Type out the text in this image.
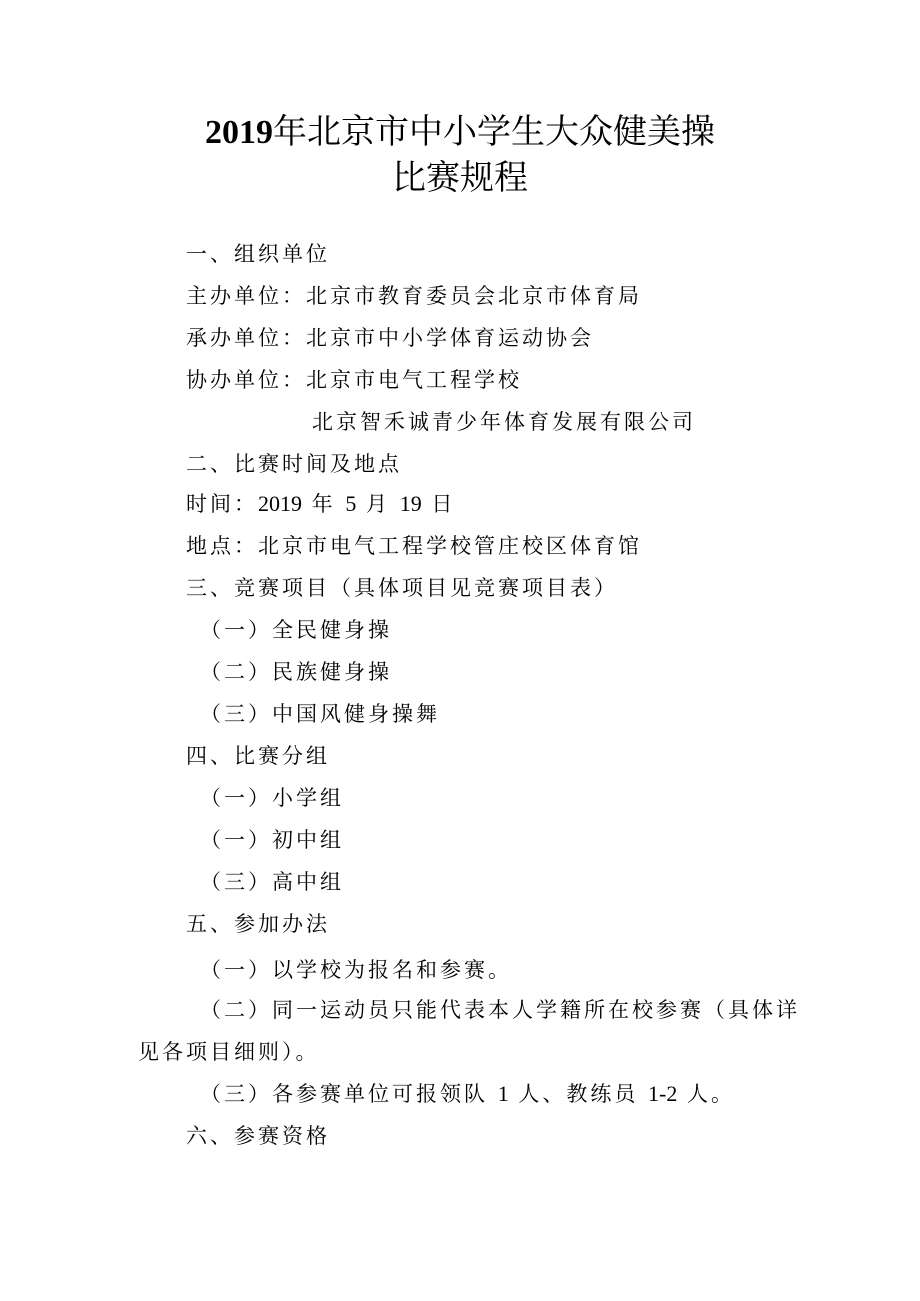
2019年北京市中小学生大众健美操
比赛规程

一、组织单位

主办单位：北京市教育委员会北京市体育局

承办单位：北京市中小学体育运动协会

协办单位：北京市电气工程学校

北京智禾诚青少年体育发展有限公司

二、比赛时间及地点

时间：2019 年 5 月 19 日

地点：北京市电气工程学校管庄校区体育馆

三、竞赛项目（具体项目见竞赛项目表）

（一）全民健身操

（二）民族健身操

（三）中国风健身操舞

四、比赛分组

（一）小学组

（一）初中组

（三）高中组

五、参加办法

（一）以学校为报名和参赛。

（二）同一运动员只能代表本人学籍所在校参赛（具体详

见各项目细则）。

（三）各参赛单位可报领队 1 人、教练员 1-2 人。

六、参赛资格
